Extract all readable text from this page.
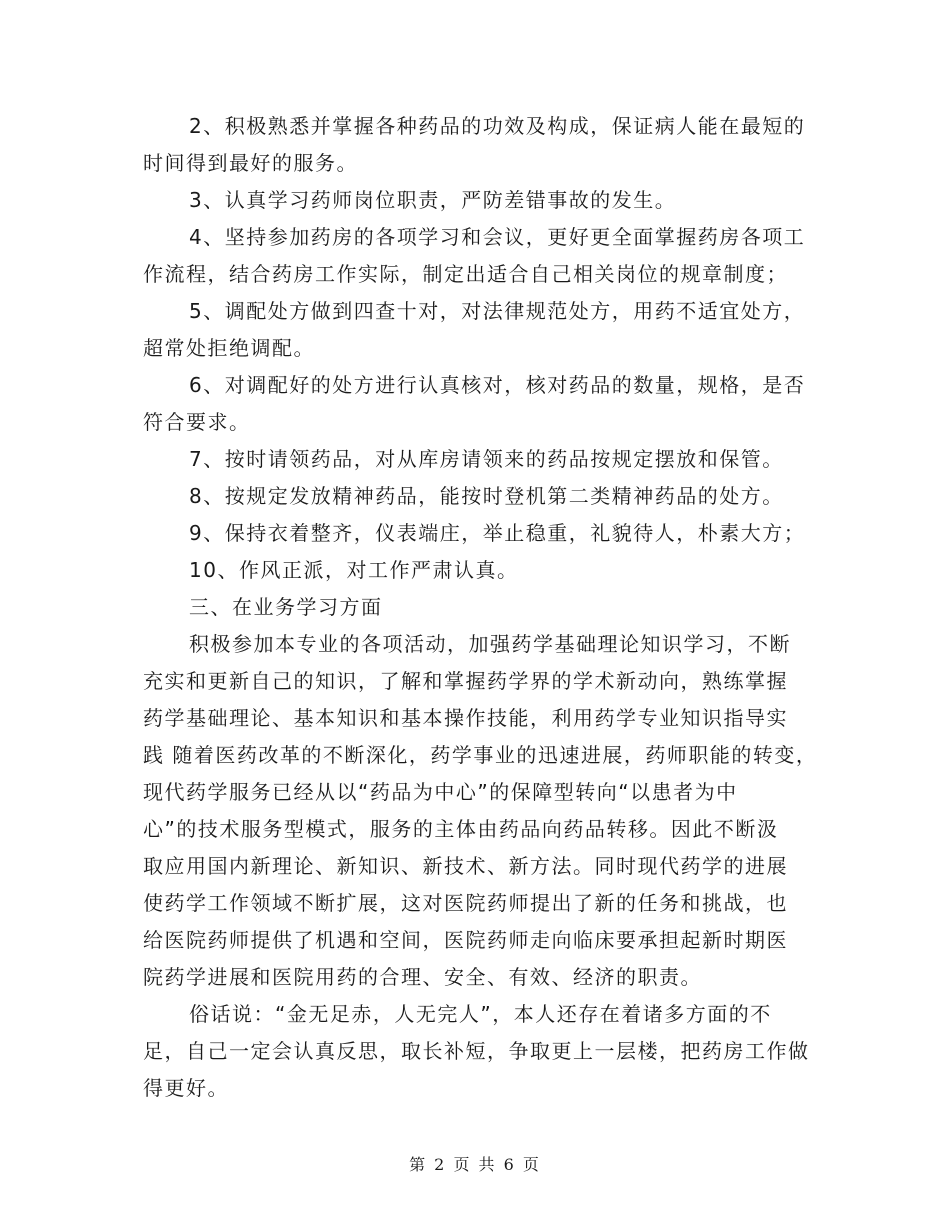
2、积极熟悉并掌握各种药品的功效及构成，保证病人能在最短的
时间得到最好的服务。

3、认真学习药师岗位职责，严防差错事故的发生。

4、坚持参加药房的各项学习和会议，更好更全面掌握药房各项工
作流程，结合药房工作实际，制定出适合自己相关岗位的规章制度；

5、调配处方做到四查十对，对法律规范处方，用药不适宜处方，
超常处拒绝调配。

6、对调配好的处方进行认真核对，核对药品的数量，规格，是否
符合要求。

7、按时请领药品，对从库房请领来的药品按规定摆放和保管。

8、按规定发放精神药品，能按时登机第二类精神药品的处方。

9、保持衣着整齐，仪表端庄，举止稳重，礼貌待人，朴素大方；

10、作风正派，对工作严肃认真。

三、在业务学习方面

积极参加本专业的各项活动，加强药学基础理论知识学习，不断
充实和更新自己的知识，了解和掌握药学界的学术新动向，熟练掌握
药学基础理论、基本知识和基本操作技能，利用药学专业知识指导实
践 随着医药改革的不断深化，药学事业的迅速进展，药师职能的转变，
现代药学服务已经从以“药品为中心”的保障型转向“以患者为中
心”的技术服务型模式，服务的主体由药品向药品转移。因此不断汲
取应用国内新理论、新知识、新技术、新方法。同时现代药学的进展
使药学工作领域不断扩展，这对医院药师提出了新的任务和挑战，也
给医院药师提供了机遇和空间，医院药师走向临床要承担起新时期医
院药学进展和医院用药的合理、安全、有效、经济的职责。

俗话说：“金无足赤，人无完人”，本人还存在着诸多方面的不
足，自己一定会认真反思，取长补短，争取更上一层楼，把药房工作做
得更好。

第 2 页 共 6 页
